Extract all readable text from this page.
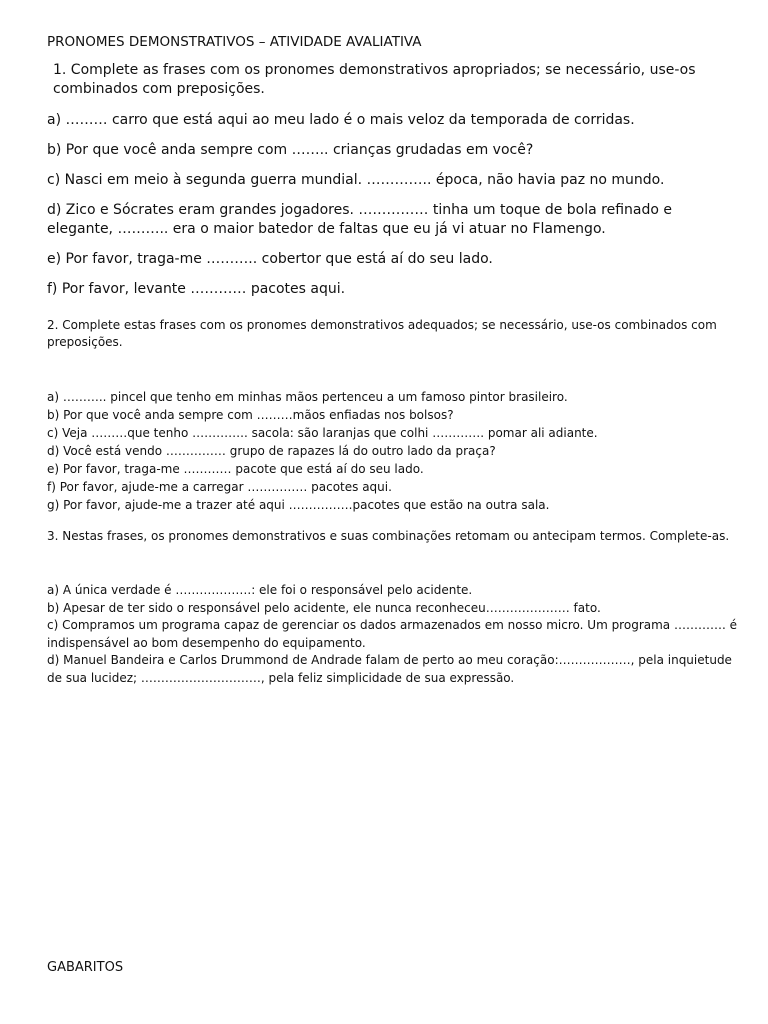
PRONOMES DEMONSTRATIVOS – ATIVIDADE AVALIATIVA

1. Complete as frases com os pronomes demonstrativos apropriados; se necessário, use-os combinados com preposições.

a) ……… carro que está aqui ao meu lado é o mais veloz da temporada de corridas.

b) Por que você anda sempre com …….. crianças grudadas em você?

c) Nasci em meio à segunda guerra mundial. ………….. época, não havia paz no mundo.

d) Zico e Sócrates eram grandes jogadores. …………… tinha um toque de bola refinado e elegante, ……….. era o maior batedor de faltas que eu já vi atuar no Flamengo.

e) Por favor, traga-me ……….. cobertor que está aí do seu lado.

f) Por favor, levante ………… pacotes aqui.

2. Complete estas frases com os pronomes demonstrativos adequados; se necessário, use-os combinados com preposições.

a) ……….. pincel que tenho em minhas mãos pertenceu a um famoso pintor brasileiro.

b) Por que você anda sempre com ………mãos enfiadas nos bolsos?

c) Veja ………que tenho ………….. sacola: são laranjas que colhi …………. pomar ali adiante.

d) Você está vendo …………… grupo de rapazes lá do outro lado da praça?

e) Por favor, traga-me ………… pacote que está aí do seu lado.

f) Por favor, ajude-me a carregar …………… pacotes aqui.

g) Por favor, ajude-me a trazer até aqui …………….pacotes que estão na outra sala.

3. Nestas frases, os pronomes demonstrativos e suas combinações retomam ou antecipam termos. Complete-as.

a) A única verdade é ……………….: ele foi o responsável pelo acidente.

b) Apesar de ter sido o responsável pelo acidente, ele nunca reconheceu………………… fato.

c) Compramos um programa capaz de gerenciar os dados armazenados em nosso micro. Um programa …………. é indispensável ao bom desempenho do equipamento.

d) Manuel Bandeira e Carlos Drummond de Andrade falam de perto ao meu coração:………………, pela inquietude de sua lucidez; …………………………, pela feliz simplicidade de sua expressão.

GABARITOS
